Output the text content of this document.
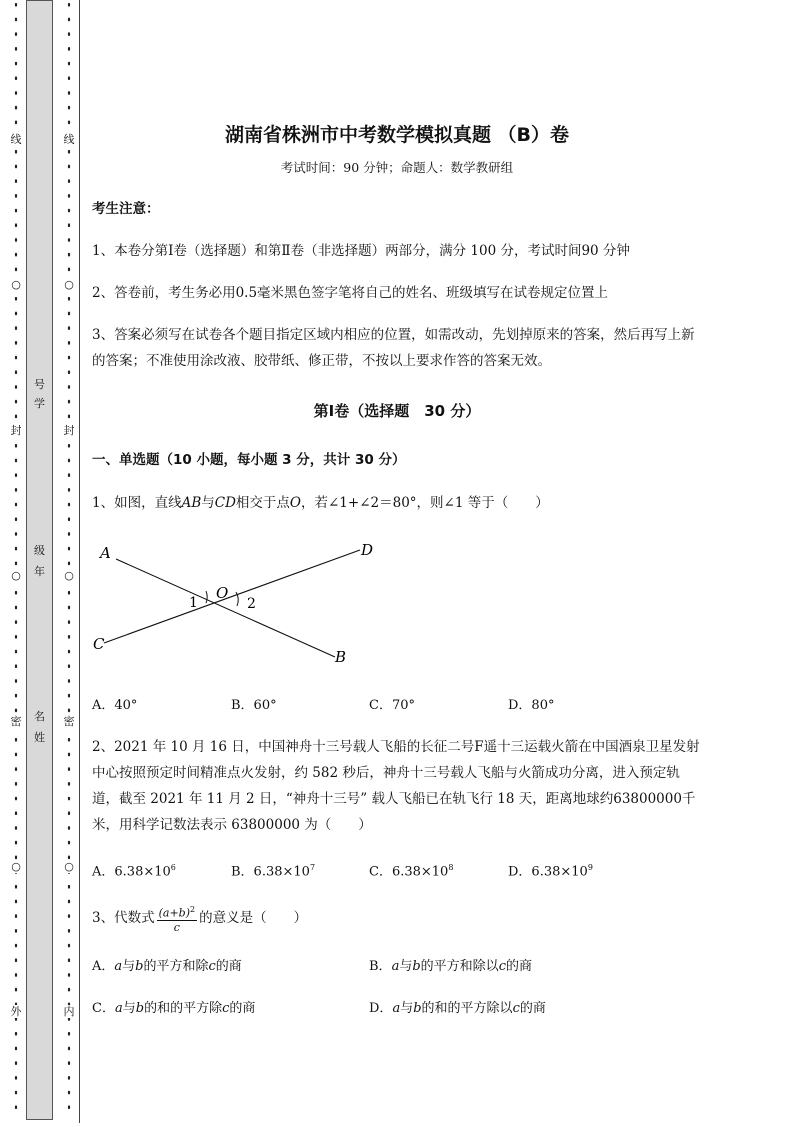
线
○
封
○
密
○
外
线
○
封
○
密
○
内
号
学
级
年
名
姓
湖南省株洲市中考数学模拟真题 （B）卷
考试时间：90 分钟；命题人：数学教研组
考生注意：
1、本卷分第Ⅰ卷（选择题）和第Ⅱ卷（非选择题）两部分，满分 100 分，考试时间90 分钟
2、答卷前，考生务必用0.5毫米黑色签字笔将自己的姓名、班级填写在试卷规定位置上
3、答案必须写在试卷各个题目指定区域内相应的位置，如需改动，先划掉原来的答案，然后再写上新
的答案；不准使用涂改液、胶带纸、修正带，不按以上要求作答的答案无效。
第Ⅰ卷（选择题　30 分）
一、单选题（10 小题，每小题 3 分，共计 30 分）
1、如图，直线AB与CD相交于点O，若∠1+∠2＝80°，则∠1 等于（　　）
A	D
C
B
O
1	2
A．40°	B．60°	C．70°	D．80°
2、2021 年 10 月 16 日，中国神舟十三号载人飞船的长征二号F遥十三运载火箭在中国酒泉卫星发射
中心按照预定时间精准点火发射，约 582 秒后，神舟十三号载人飞船与火箭成功分离，进入预定轨
道，截至 2021 年 11 月 2 日，“神舟十三号” 载人飞船已在轨飞行 18 天，距离地球约63800000千
米，用科学记数法表示 63800000 为（　　）
A．$6.38\times 10^6$	B．$6.38\times 10^7$	C．$6.38\times 10^8$	D．$6.38\times 10^9$
3、代数式 $\frac{(a+b)^2}{c}$ 的意义是（　　）
A．a与b的平方和除c的商	B．a与b的平方和除以c的商
C．a与b的和的平方除c的商	D．a与b的和的平方除以c的商
